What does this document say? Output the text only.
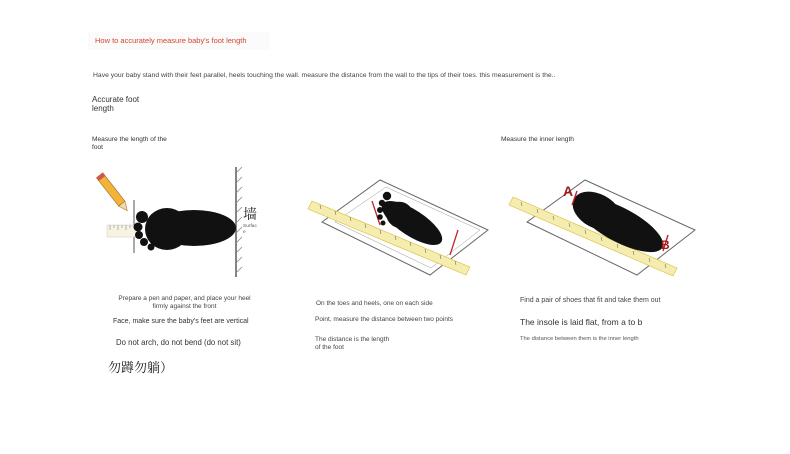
How to accurately measure baby's foot length
Have your baby stand with their feet parallel, heels touching the wall. measure the distance from the wall to the tips of their toes. this measurement is the..
Accurate foot length
Measure the length of the foot
墙
Surface
Prepare a pen and paper, and place your heel firmly against the front
Face, make sure the baby's feet are vertical
Do not arch, do not bend (do not sit)
勿蹲勿躺）
On the toes and heels, one on each side
Point, measure the distance between two points
The distance is the length of the foot
Measure the inner length
A
B
Find a pair of shoes that fit and take them out
The insole is laid flat, from a to b
The distance between them is the inner length
